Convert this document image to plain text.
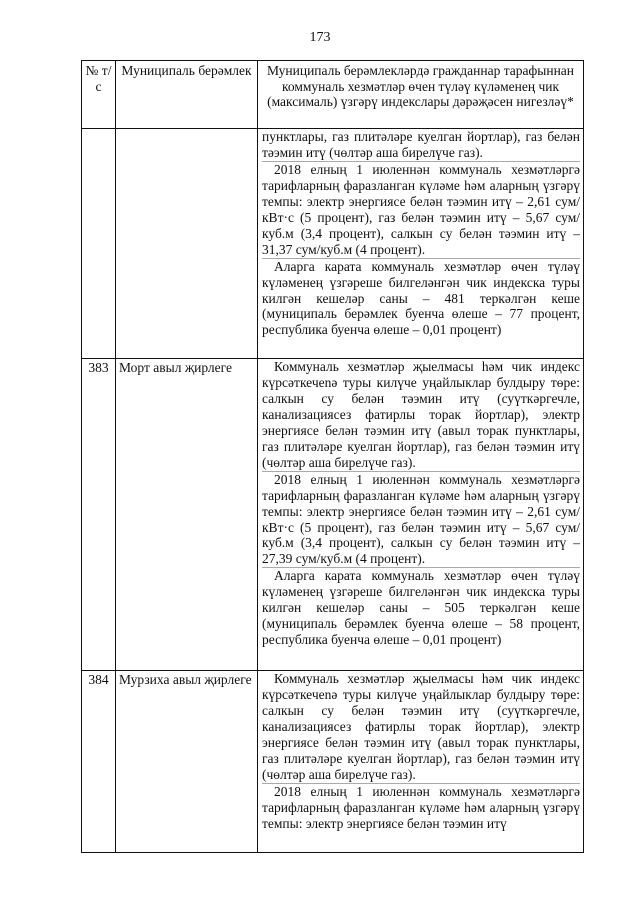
173
№ т/с	Муниципаль берәмлек	Муниципаль берәмлекләрдә гражданнар тарафыннан коммуналь хезмәтләр өчен түләү күләменең чик (максималь) үзгәрү индекслары дәрәҗәсен нигезләү*

		пунктлары, газ плитәләре куелган йортлар), газ белән тәэмин итү (чөлтәр аша бирелүче газ).

2018 елның 1 июленнән коммуналь хезмәтләргә тарифларның фаразланган күләме һәм аларның үзгәрү темпы: электр энергиясе белән тәэмин итү – 2,61 сум/кВт·с (5 процент), газ белән тәэмин итү – 5,67 сум/куб.м (3,4 процент), салкын су белән тәэмин итү – 31,37 сум/куб.м (4 процент).

Аларга карата коммуналь хезмәтләр өчен түләү күләменең үзгәреше билгеләнгән чик индекска туры килгән кешеләр саны – 481 теркәлгән кеше (муниципаль берәмлек буенча өлеше – 77 процент, республика буенча өлеше – 0,01 процент)

383	Морт авыл җирлеге	Коммуналь хезмәтләр җыелмасы һәм чик индекс күрсәткечenә туры килүче уңайлыклар булдыру төре: салкын су белән тәэмин итү (суүткәргечле, канализациясез фатирлы торак йортлар), электр энергиясе белән тәэмин итү (авыл торак пунктлары, газ плитәләре куелган йортлар), газ белән тәэмин итү (чөлтәр аша бирелүче газ).

2018 елның 1 июленнән коммуналь хезмәтләргә тарифларның фаразланган күләме һәм аларның үзгәрү темпы: электр энергиясе белән тәэмин итү – 2,61 сум/кВт·с (5 процент), газ белән тәэмин итү – 5,67 сум/куб.м (3,4 процент), салкын су белән тәэмин итү – 27,39 сум/куб.м (4 процент).

Аларга карата коммуналь хезмәтләр өчен түләү күләменең үзгәреше билгеләнгән чик индекска туры килгән кешеләр саны – 505 теркәлгән кеше (муниципаль берәмлек буенча өлеше – 58 процент, республика буенча өлеше – 0,01 процент)

384	Мурзиха авыл җирлеге	Коммуналь хезмәтләр җыелмасы һәм чик индекс күрсәткечenә туры килүче уңайлыклар булдыру төре: салкын су белән тәэмин итү (суүткәргечле, канализациясез фатирлы торак йортлар), электр энергиясе белән тәэмин итү (авыл торак пунктлары, газ плитәләре куелган йортлар), газ белән тәэмин итү (чөлтәр аша бирелүче газ).

2018 елның 1 июленнән коммуналь хезмәтләргә тарифларның фаразланган күләме һәм аларның үзгәрү темпы: электр энергиясе белән тәэмин итү
